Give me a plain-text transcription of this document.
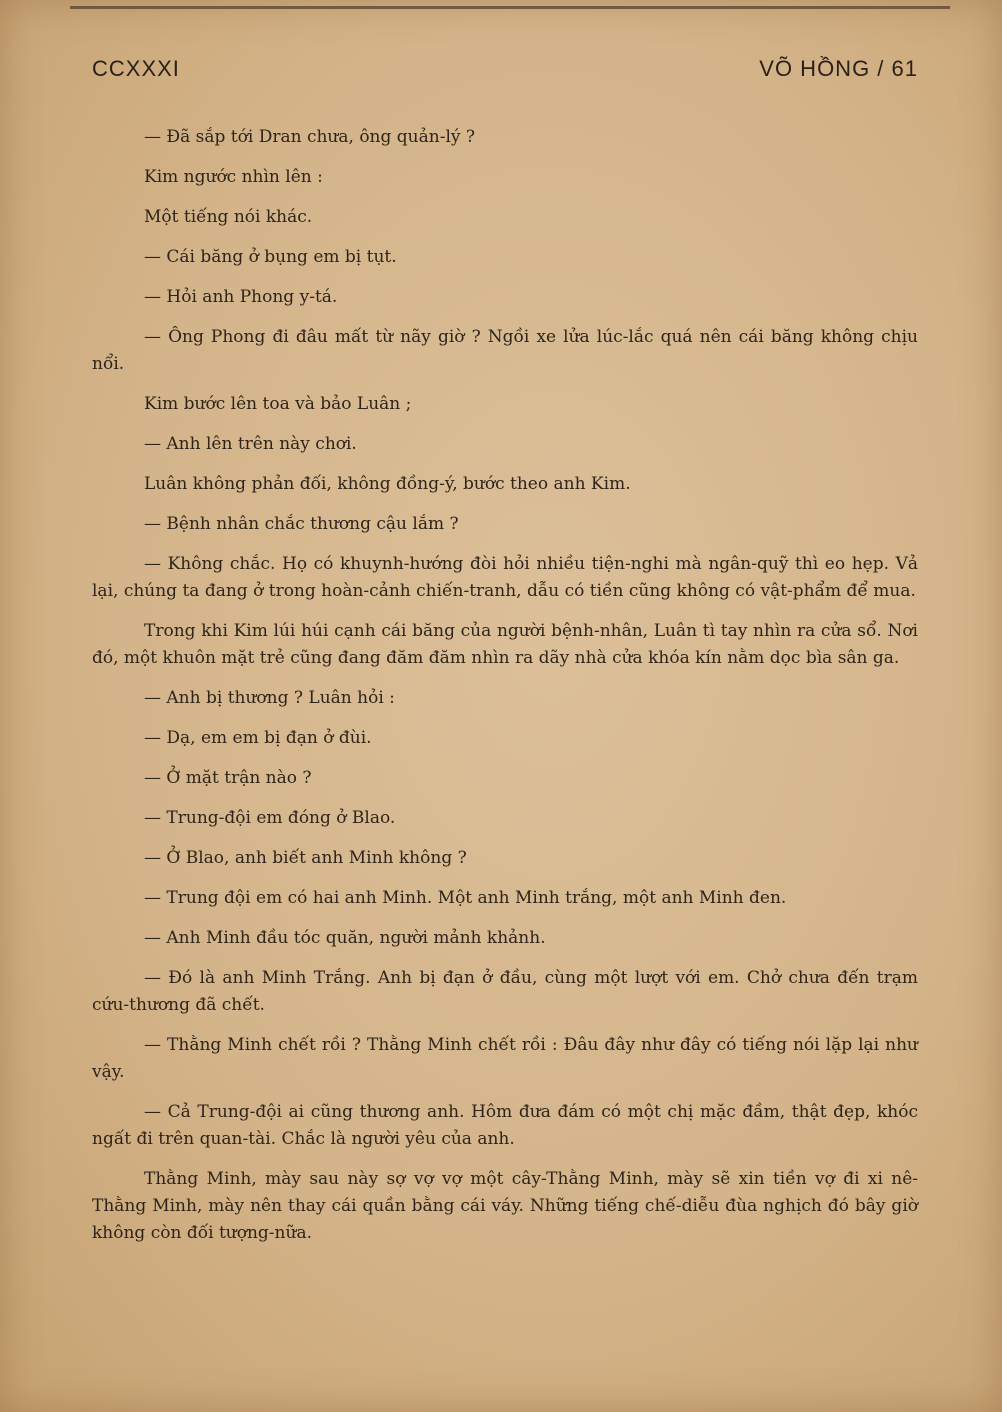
CCXXXI	VÕ HỒNG / 61

— Đã sắp tới Dran chưa, ông quản-lý ?

Kim ngước nhìn lên :

Một tiếng nói khác.

— Cái băng ở bụng em bị tụt.

— Hỏi anh Phong y-tá.

— Ông Phong đi đâu mất từ nãy giờ ? Ngồi xe lửa lúc-lắc quá nên cái băng không chịu nổi.

Kim bước lên toa và bảo Luân ;

— Anh lên trên này chơi.

Luân không phản đối, không đồng-ý, bước theo anh Kim.

— Bệnh nhân chắc thương cậu lắm ?

— Không chắc. Họ có khuynh-hướng đòi hỏi nhiều tiện-nghi mà ngân-quỹ thì eo hẹp. Vả lại, chúng ta đang ở trong hoàn-cảnh chiến-tranh, dẫu có tiền cũng không có vật-phẩm để mua.

Trong khi Kim lúi húi cạnh cái băng của người bệnh-nhân, Luân tì tay nhìn ra cửa sổ. Nơi đó, một khuôn mặt trẻ cũng đang đăm đăm nhìn ra dãy nhà cửa khóa kín nằm dọc bìa sân ga.

— Anh bị thương ? Luân hỏi :

— Dạ, em em bị đạn ở đùi.

— Ở mặt trận nào ?

— Trung-đội em đóng ở Blao.

— Ở Blao, anh biết anh Minh không ?

— Trung đội em có hai anh Minh. Một anh Minh trắng, một anh Minh đen.

— Anh Minh đầu tóc quăn, người mảnh khảnh.

— Đó là anh Minh Trắng. Anh bị đạn ở đầu, cùng một lượt với em. Chở chưa đến trạm cứu-thương đã chết.

— Thằng Minh chết rồi ? Thằng Minh chết rồi : Đâu đây như đây có tiếng nói lặp lại như vậy.

— Cả Trung-đội ai cũng thương anh. Hôm đưa đám có một chị mặc đầm, thật đẹp, khóc ngất đi trên quan-tài. Chắc là người yêu của anh.

Thằng Minh, mày sau này sợ vợ vợ một cây-Thằng Minh, mày sẽ xin tiền vợ đi xi nê-Thằng Minh, mày nên thay cái quần bằng cái váy. Những tiếng chế-diễu đùa nghịch đó bây giờ không còn đối tượng-nữa.
